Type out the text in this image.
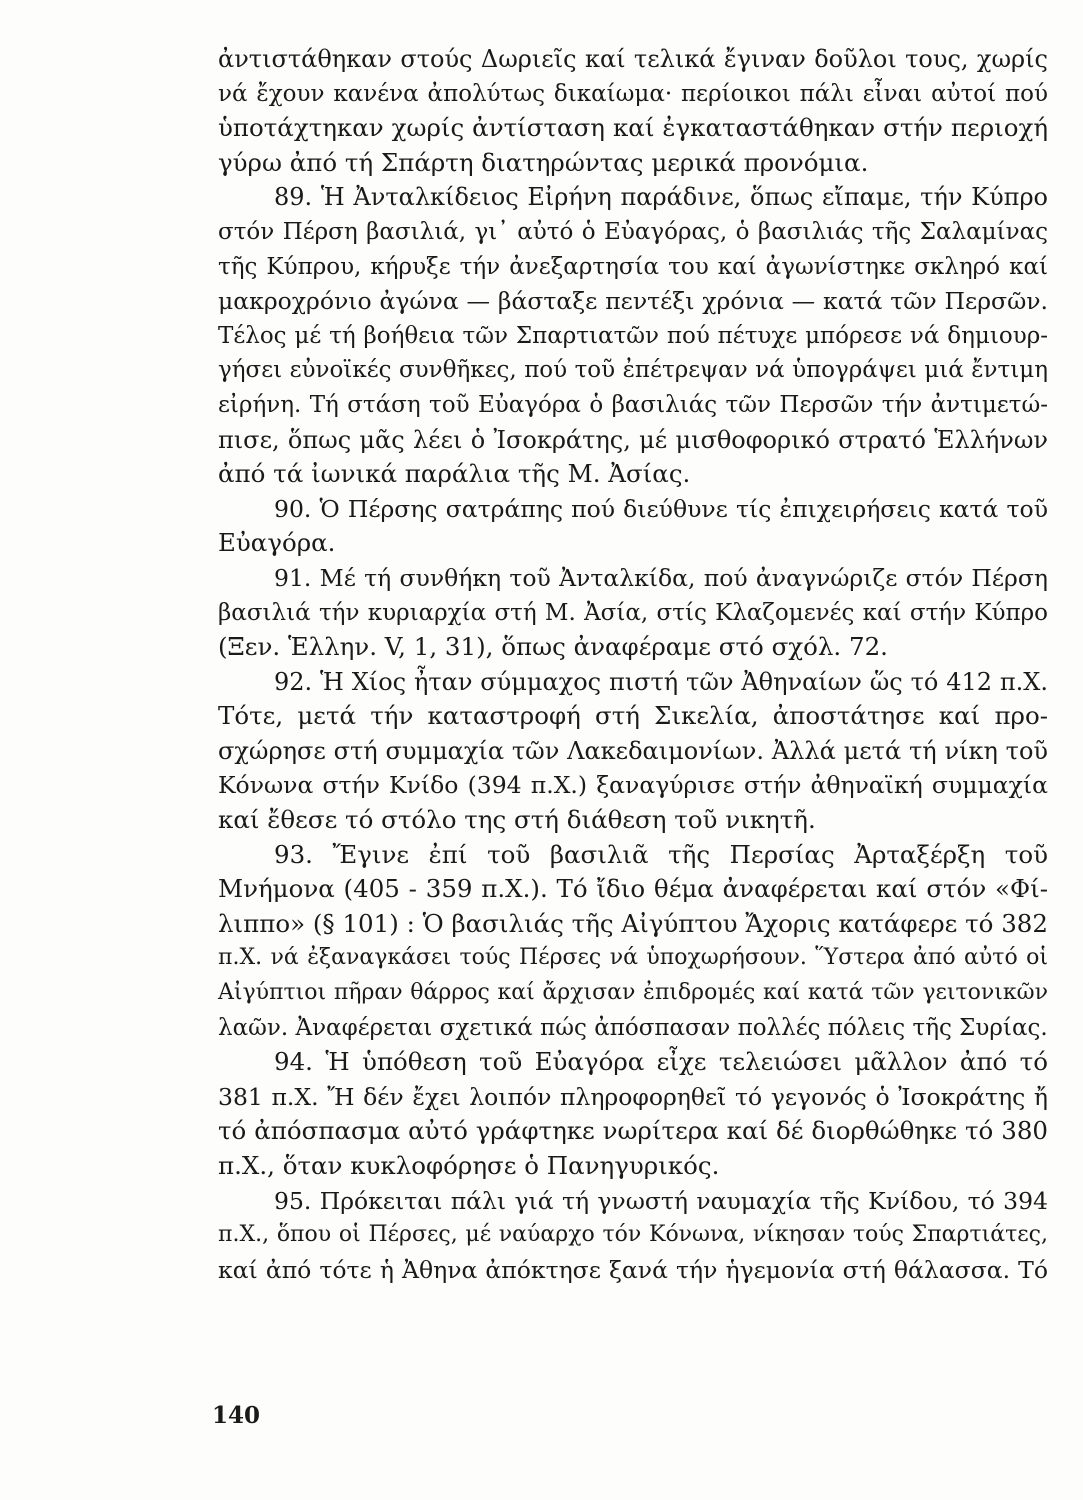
ἀντιστάθηκαν στούς Δωριεῖς καί τελικά ἔγιναν δοῦλοι τους, χωρίς
νά ἔχουν κανένα ἀπολύτως δικαίωμα· περίοικοι πάλι εἶναι αὐτοί πού
ὑποτάχτηκαν χωρίς ἀντίσταση καί ἐγκαταστάθηκαν στήν περιοχή
γύρω ἀπό τή Σπάρτη διατηρώντας μερικά προνόμια.
89. Ἡ Ἀνταλκίδειος Εἰρήνη παράδινε, ὅπως εἴπαμε, τήν Κύπρο
στόν Πέρση βασιλιά, γι᾿ αὐτό ὁ Εὐαγόρας, ὁ βασιλιάς τῆς Σαλαμίνας
τῆς Κύπρου, κήρυξε τήν ἀνεξαρτησία του καί ἀγωνίστηκε σκληρό καί
μακροχρόνιο ἀγώνα — βάσταξε πεντέξι χρόνια — κατά τῶν Περσῶν.
Τέλος μέ τή βοήθεια τῶν Σπαρτιατῶν πού πέτυχε μπόρεσε νά δημιουρ-
γήσει εὐνοϊκές συνθῆκες, πού τοῦ ἐπέτρεψαν νά ὑπογράψει μιά ἔντιμη
εἰρήνη. Τή στάση τοῦ Εὐαγόρα ὁ βασιλιάς τῶν Περσῶν τήν ἀντιμετώ-
πισε, ὅπως μᾶς λέει ὁ Ἰσοκράτης, μέ μισθοφορικό στρατό Ἑλλήνων
ἀπό τά ἰωνικά παράλια τῆς Μ. Ἀσίας.
90. Ὁ Πέρσης σατράπης πού διεύθυνε τίς ἐπιχειρήσεις κατά τοῦ
Εὐαγόρα.
91. Μέ τή συνθήκη τοῦ Ἀνταλκίδα, πού ἀναγνώριζε στόν Πέρση
βασιλιά τήν κυριαρχία στή Μ. Ἀσία, στίς Κλαζομενές καί στήν Κύπρο
(Ξεν. Ἑλλην. V, 1, 31), ὅπως ἀναφέραμε στό σχόλ. 72.
92. Ἡ Χίος ἦταν σύμμαχος πιστή τῶν Ἀθηναίων ὥς τό 412 π.Χ.
Τότε, μετά τήν καταστροφή στή Σικελία, ἀποστάτησε καί προ-
σχώρησε στή συμμαχία τῶν Λακεδαιμονίων. Ἀλλά μετά τή νίκη τοῦ
Κόνωνα στήν Κνίδο (394 π.Χ.) ξαναγύρισε στήν ἀθηναϊκή συμμαχία
καί ἔθεσε τό στόλο της στή διάθεση τοῦ νικητῆ.
93. Ἔγινε ἐπί τοῦ βασιλιᾶ τῆς Περσίας Ἀρταξέρξη τοῦ
Μνήμονα (405 - 359 π.Χ.). Τό ἴδιο θέμα ἀναφέρεται καί στόν «Φί-
λιππο» (§ 101) : Ὁ βασιλιάς τῆς Αἰγύπτου Ἄχορις κατάφερε τό 382
π.Χ. νά ἐξαναγκάσει τούς Πέρσες νά ὑποχωρήσουν. Ὕστερα ἀπό αὐτό οἱ
Αἰγύπτιοι πῆραν θάρρος καί ἄρχισαν ἐπιδρομές καί κατά τῶν γειτονικῶν
λαῶν. Ἀναφέρεται σχετικά πώς ἀπόσπασαν πολλές πόλεις τῆς Συρίας.
94. Ἡ ὑπόθεση τοῦ Εὐαγόρα εἶχε τελειώσει μᾶλλον ἀπό τό
381 π.Χ. Ἤ δέν ἔχει λοιπόν πληροφορηθεῖ τό γεγονός ὁ Ἰσοκράτης ἤ
τό ἀπόσπασμα αὐτό γράφτηκε νωρίτερα καί δέ διορθώθηκε τό 380
π.Χ., ὅταν κυκλοφόρησε ὁ Πανηγυρικός.
95. Πρόκειται πάλι γιά τή γνωστή ναυμαχία τῆς Κνίδου, τό 394
π.Χ., ὅπου οἱ Πέρσες, μέ ναύαρχο τόν Κόνωνα, νίκησαν τούς Σπαρτιάτες,
καί ἀπό τότε ἡ Ἀθηνα ἀπόκτησε ξανά τήν ἡγεμονία στή θάλασσα. Τό
140
